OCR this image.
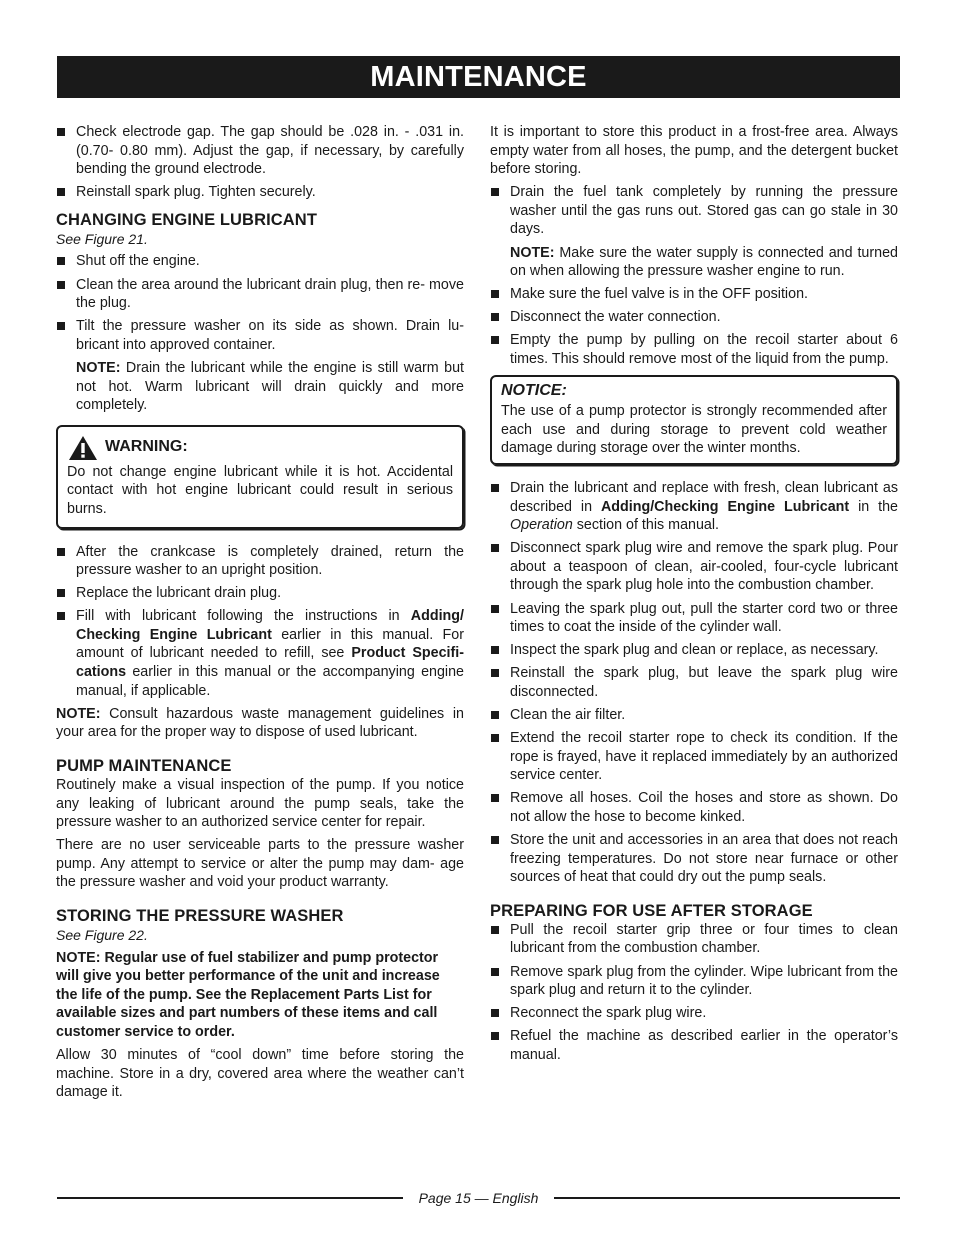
MAINTENANCE
Check electrode gap. The gap should be .028 in. - .031 in. (0.70- 0.80 mm). Adjust the gap, if necessary, by carefully bending the ground electrode.
Reinstall spark plug. Tighten securely.
CHANGING ENGINE LUBRICANT
See Figure 21.
Shut off the engine.
Clean the area around the lubricant drain plug, then re- move the plug.
Tilt the pressure washer on its side as shown. Drain lu- bricant into approved container.
NOTE: Drain the lubricant while the engine is still warm but not hot. Warm lubricant will drain quickly and more completely.
WARNING:
Do not change engine lubricant while it is hot. Accidental contact with hot engine lubricant could result in serious burns.
After the crankcase is completely drained, return the pressure washer to an upright position.
Replace the lubricant drain plug.
Fill with lubricant following the instructions in Adding/ Checking Engine Lubricant earlier in this manual. For amount of lubricant needed to refill, see Product Specifi- cations earlier in this manual or the accompanying engine manual, if applicable.
NOTE: Consult hazardous waste management guidelines in your area for the proper way to dispose of used lubricant.
PUMP MAINTENANCE
Routinely make a visual inspection of the pump. If you notice any leaking of lubricant around the pump seals, take the pressure washer to an authorized service center for repair.
There are no user serviceable parts to the pressure washer pump. Any attempt to service or alter the pump may dam- age the pressure washer and void your product warranty.
STORING THE PRESSURE WASHER
See Figure 22.
NOTE: Regular use of fuel stabilizer and pump protector will give you better performance of the unit and increase the life of the pump. See the Replacement Parts List for available sizes and part numbers of these items and call customer service to order.
Allow 30 minutes of “cool down” time before storing the machine. Store in a dry, covered area where the weather can’t damage it.
It is important to store this product in a frost-free area. Always empty water from all hoses, the pump, and the detergent bucket before storing.
Drain the fuel tank completely by running the pressure washer until the gas runs out. Stored gas can go stale in 30 days.
NOTE: Make sure the water supply is connected and turned on when allowing the pressure washer engine to run.
Make sure the fuel valve is in the OFF position.
Disconnect the water connection.
Empty the pump by pulling on the recoil starter about 6 times. This should remove most of the liquid from the pump.
NOTICE:
The use of a pump protector is strongly recommended after each use and during storage to prevent cold weather damage during storage over the winter months.
Drain the lubricant and replace with fresh, clean lubricant as described in Adding/Checking Engine Lubricant in the Operation section of this manual.
Disconnect spark plug wire and remove the spark plug. Pour about a teaspoon of clean, air-cooled, four-cycle lubricant through the spark plug hole into the combustion chamber.
Leaving the spark plug out, pull the starter cord two or three times to coat the inside of the cylinder wall.
Inspect the spark plug and clean or replace, as necessary.
Reinstall the spark plug, but leave the spark plug wire disconnected.
Clean the air filter.
Extend the recoil starter rope to check its condition. If the rope is frayed, have it replaced immediately by an authorized service center.
Remove all hoses. Coil the hoses and store as shown. Do not allow the hose to become kinked.
Store the unit and accessories in an area that does not reach freezing temperatures. Do not store near furnace or other sources of heat that could dry out the pump seals.
PREPARING FOR USE AFTER STORAGE
Pull the recoil starter grip three or four times to clean lubricant from the combustion chamber.
Remove spark plug from the cylinder. Wipe lubricant from the spark plug and return it to the cylinder.
Reconnect the spark plug wire.
Refuel the machine as described earlier in the operator’s manual.
Page 15 — English
